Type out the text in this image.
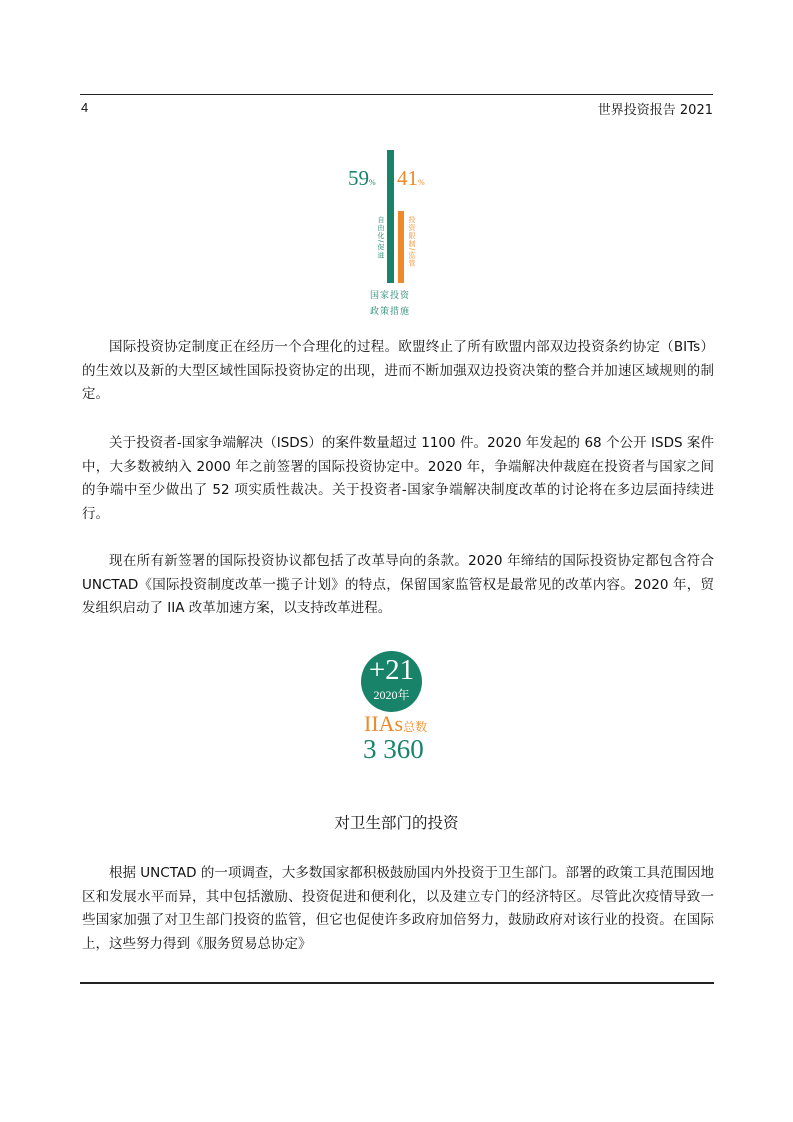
4	世界投资报告 2021
59% 41%
自由化/促进	投资限制/监管
国家投资
政策措施

国际投资协定制度正在经历一个合理化的过程。欧盟终止了所有欧盟内部双边投资条约协定（BITs） 的生效以及新的大型区域性国际投资协定的出现，进而不断加强双边投资决策的整合并加速区域规则的制定。

关于投资者-国家争端解决（ISDS）的案件数量超过 1100 件。2020 年发起的 68 个公开 ISDS 案件中，大多数被纳入 2000 年之前签署的国际投资协定中。2020 年，争端解决仲裁庭在投资者与国家之间的争端中至少做出了 52 项实质性裁决。关于投资者-国家争端解决制度改革的讨论将在多边层面持续进行。

现在所有新签署的国际投资协议都包括了改革导向的条款。2020 年缔结的国际投资协定都包含符合 UNCTAD《国际投资制度改革一揽子计划》的特点，保留国家监管权是最常见的改革内容。2020 年，贸发组织启动了 IIA 改革加速方案，以支持改革进程。

+21
2020年
IIAs总数
3 360
对卫生部门的投资

根据 UNCTAD 的一项调查，大多数国家都积极鼓励国内外投资于卫生部门。部署的政策工具范围因地区和发展水平而异，其中包括激励、投资促进和便利化，以及建立专门的经济特区。尽管此次疫情导致一些国家加强了对卫生部门投资的监管，但它也促使许多政府加倍努力，鼓励政府对该行业的投资。在国际上，这些努力得到《服务贸易总协定》
